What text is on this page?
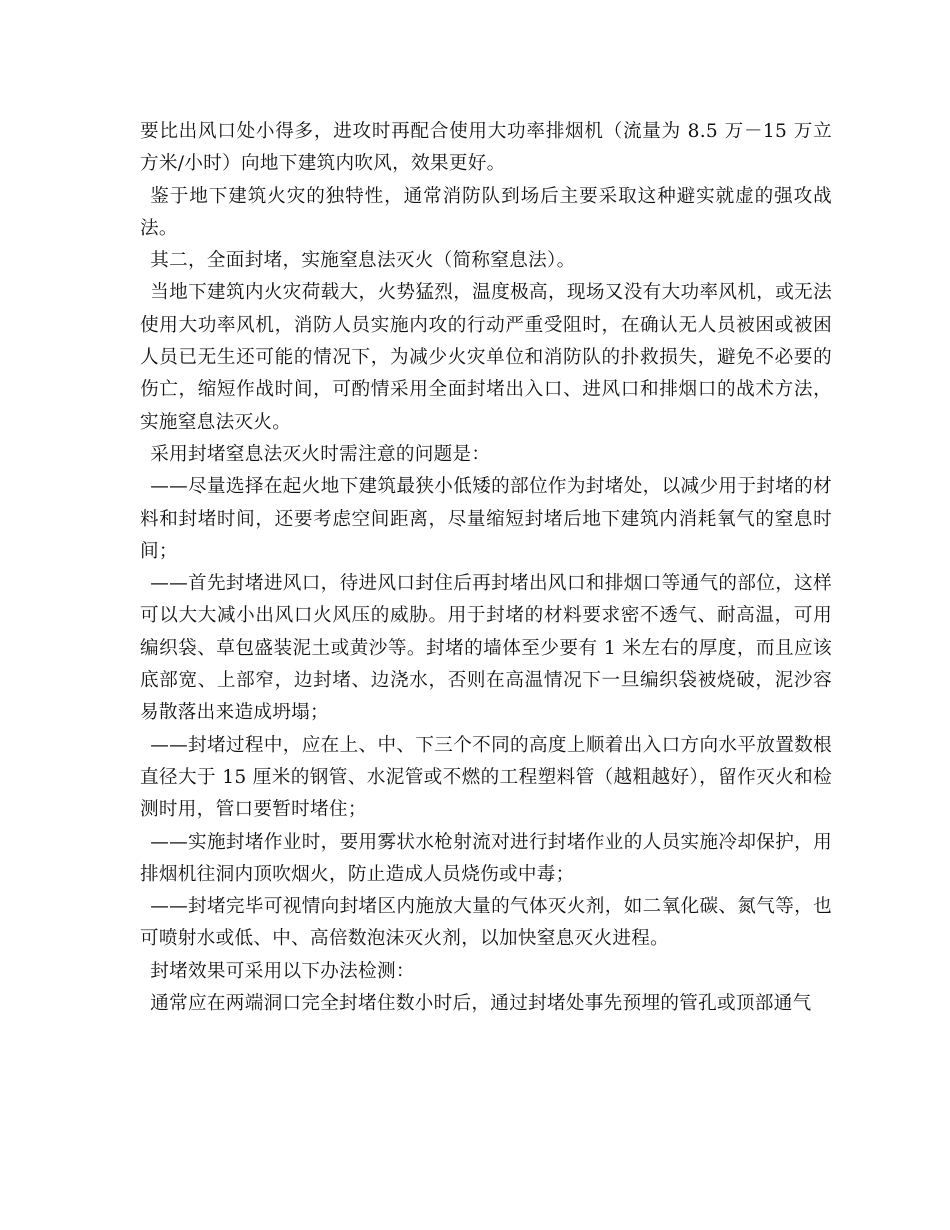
要比出风口处小得多，进攻时再配合使用大功率排烟机（流量为 8.5 万－15 万立方米/小时）向地下建筑内吹风，效果更好。

鉴于地下建筑火灾的独特性，通常消防队到场后主要采取这种避实就虚的强攻战法。

其二，全面封堵，实施窒息法灭火（简称窒息法）。

当地下建筑内火灾荷载大，火势猛烈，温度极高，现场又没有大功率风机，或无法使用大功率风机，消防人员实施内攻的行动严重受阻时，在确认无人员被困或被困人员已无生还可能的情况下，为减少火灾单位和消防队的扑救损失，避免不必要的伤亡，缩短作战时间，可酌情采用全面封堵出入口、进风口和排烟口的战术方法，实施窒息法灭火。

采用封堵窒息法灭火时需注意的问题是：

——尽量选择在起火地下建筑最狭小低矮的部位作为封堵处，以减少用于封堵的材料和封堵时间，还要考虑空间距离，尽量缩短封堵后地下建筑内消耗氧气的窒息时间；

——首先封堵进风口，待进风口封住后再封堵出风口和排烟口等通气的部位，这样可以大大减小出风口火风压的威胁。用于封堵的材料要求密不透气、耐高温，可用编织袋、草包盛装泥土或黄沙等。封堵的墙体至少要有 1 米左右的厚度，而且应该底部宽、上部窄，边封堵、边浇水，否则在高温情况下一旦编织袋被烧破，泥沙容易散落出来造成坍塌；

——封堵过程中，应在上、中、下三个不同的高度上顺着出入口方向水平放置数根直径大于 15 厘米的钢管、水泥管或不燃的工程塑料管（越粗越好），留作灭火和检测时用，管口要暂时堵住；

——实施封堵作业时，要用雾状水枪射流对进行封堵作业的人员实施冷却保护，用排烟机往洞内顶吹烟火，防止造成人员烧伤或中毒；

——封堵完毕可视情向封堵区内施放大量的气体灭火剂，如二氧化碳、氮气等，也可喷射水或低、中、高倍数泡沫灭火剂，以加快窒息灭火进程。

封堵效果可采用以下办法检测：

通常应在两端洞口完全封堵住数小时后，通过封堵处事先预埋的管孔或顶部通气
